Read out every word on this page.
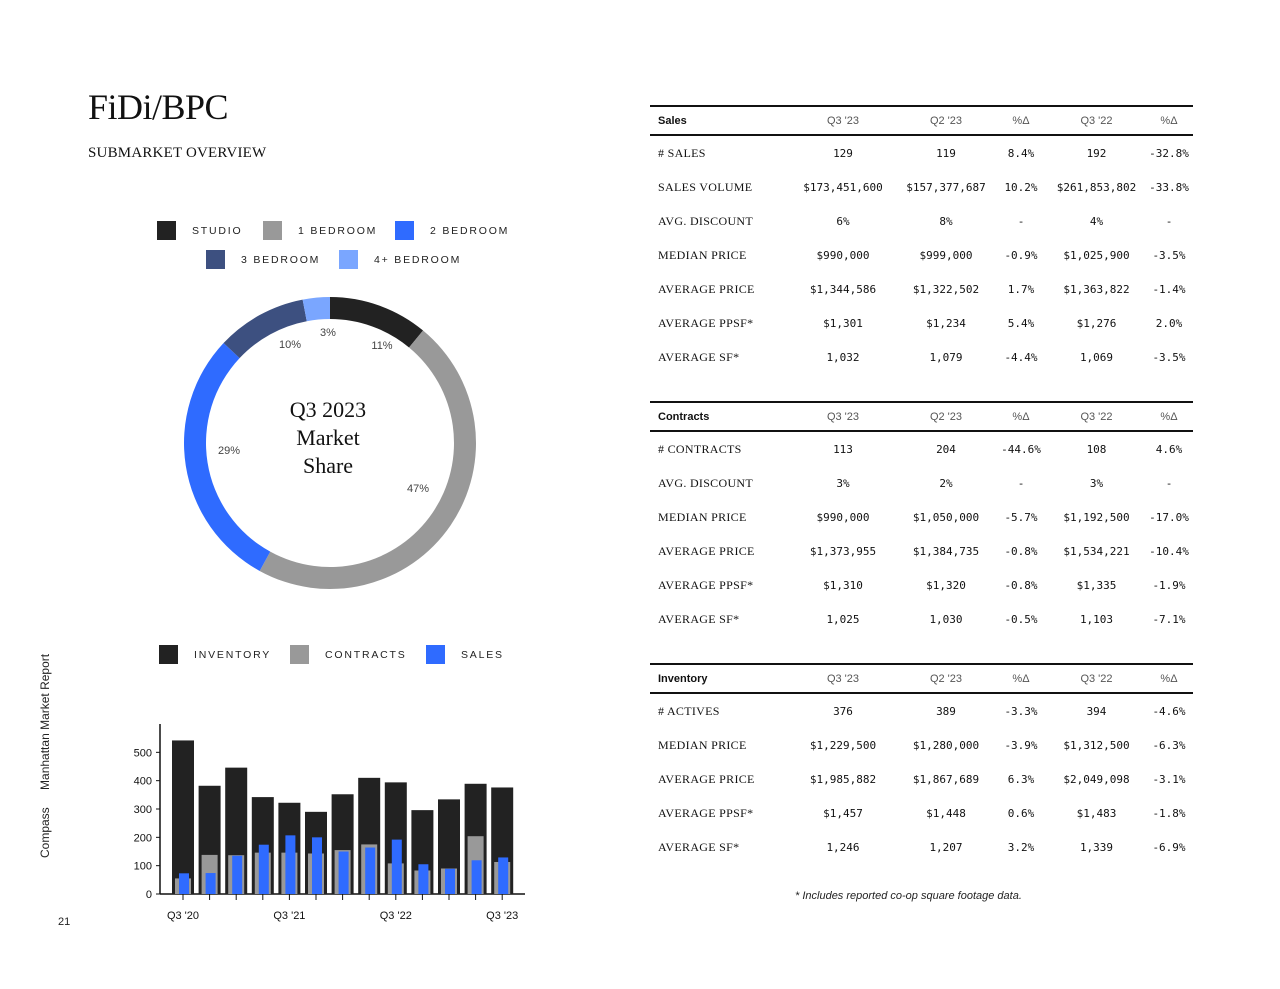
FiDi/BPC
SUBMARKET OVERVIEW
Compass Manhattan Market Report
21
STUDIO	1 BEDROOM	2 BEDROOM
3 BEDROOM	4+ BEDROOM
11%
47%
29%
10%
3%
Q3 2023
Market
Share
INVENTORY	CONTRACTS	SALES
0
100
200
300
400
500
Q3 '20	Q3 '21	Q3 '22	Q3 '23
Sales	Q3 '23	Q2 '23	%Δ	Q3 '22	%Δ
# SALES	129	119	8.4%	192	-32.8%
SALES VOLUME	$173,451,600	$157,377,687	10.2%	$261,853,802	-33.8%
AVG. DISCOUNT	6%	8%	-	4%	-
MEDIAN PRICE	$990,000	$999,000	-0.9%	$1,025,900	-3.5%
AVERAGE PRICE	$1,344,586	$1,322,502	1.7%	$1,363,822	-1.4%
AVERAGE PPSF*	$1,301	$1,234	5.4%	$1,276	2.0%
AVERAGE SF*	1,032	1,079	-4.4%	1,069	-3.5%
Contracts	Q3 '23	Q2 '23	%Δ	Q3 '22	%Δ
# CONTRACTS	113	204	-44.6%	108	4.6%
AVG. DISCOUNT	3%	2%	-	3%	-
MEDIAN PRICE	$990,000	$1,050,000	-5.7%	$1,192,500	-17.0%
AVERAGE PRICE	$1,373,955	$1,384,735	-0.8%	$1,534,221	-10.4%
AVERAGE PPSF*	$1,310	$1,320	-0.8%	$1,335	-1.9%
AVERAGE SF*	1,025	1,030	-0.5%	1,103	-7.1%
Inventory	Q3 '23	Q2 '23	%Δ	Q3 '22	%Δ
# ACTIVES	376	389	-3.3%	394	-4.6%
MEDIAN PRICE	$1,229,500	$1,280,000	-3.9%	$1,312,500	-6.3%
AVERAGE PRICE	$1,985,882	$1,867,689	6.3%	$2,049,098	-3.1%
AVERAGE PPSF*	$1,457	$1,448	0.6%	$1,483	-1.8%
AVERAGE SF*	1,246	1,207	3.2%	1,339	-6.9%
* Includes reported co-op square footage data.
